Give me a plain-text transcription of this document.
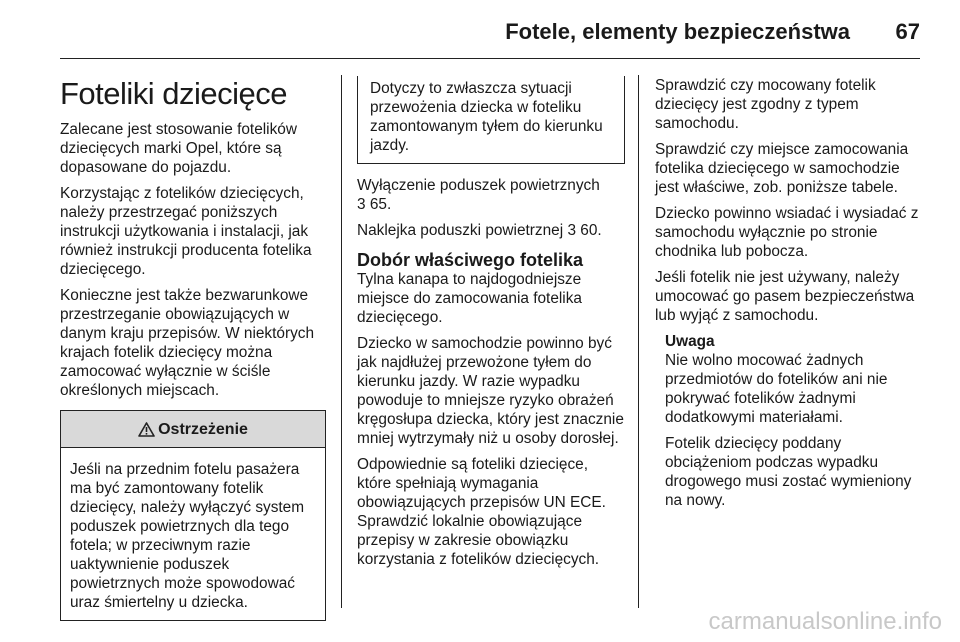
Fotele, elementy bezpieczeństwa 67
Foteliki dziecięce

Zalecane jest stosowanie fotelików dziecięcych marki Opel, które są dopasowane do pojazdu.

Korzystając z fotelików dziecięcych, należy przestrzegać poniższych instrukcji użytkowania i instalacji, jak również instrukcji producenta fotelika dziecięcego.

Konieczne jest także bezwarunkowe przestrzeganie obowiązujących w danym kraju przepisów. W niektórych krajach fotelik dziecięcy można zamocować wyłącznie w ściśle określonych miejscach.

Ostrzeżenie
Jeśli na przednim fotelu pasażera ma być zamontowany fotelik dziecięcy, należy wyłączyć system poduszek powietrznych dla tego fotela; w przeciwnym razie uaktywnienie poduszek powietrznych może spowodować uraz śmiertelny u dziecka.
Dotyczy to zwłaszcza sytuacji przewożenia dziecka w foteliku zamontowanym tyłem do kierunku jazdy.

Wyłączenie poduszek powietrznych
3 65.

Naklejka poduszki powietrznej 3 60.

Dobór właściwego fotelika

Tylna kanapa to najdogodniejsze miejsce do zamocowania fotelika dziecięcego.

Dziecko w samochodzie powinno być jak najdłużej przewożone tyłem do kierunku jazdy. W razie wypadku powoduje to mniejsze ryzyko obrażeń kręgosłupa dziecka, który jest znacznie mniej wytrzymały niż u osoby dorosłej.

Odpowiednie są foteliki dziecięce, które spełniają wymagania obowiązujących przepisów UN ECE. Sprawdzić lokalnie obowiązujące przepisy w zakresie obowiązku korzystania z fotelików dziecięcych.

Sprawdzić czy mocowany fotelik dziecięcy jest zgodny z typem samochodu.

Sprawdzić czy miejsce zamocowania fotelika dziecięcego w samochodzie jest właściwe, zob. poniższe tabele.

Dziecko powinno wsiadać i wysiadać z samochodu wyłącznie po stronie chodnika lub pobocza.

Jeśli fotelik nie jest używany, należy umocować go pasem bezpieczeństwa lub wyjąć z samochodu.

Uwaga

Nie wolno mocować żadnych przedmiotów do fotelików ani nie pokrywać fotelików żadnymi dodatkowymi materiałami.

Fotelik dziecięcy poddany obciążeniom podczas wypadku drogowego musi zostać wymieniony na nowy.

carmanualsonline.info
